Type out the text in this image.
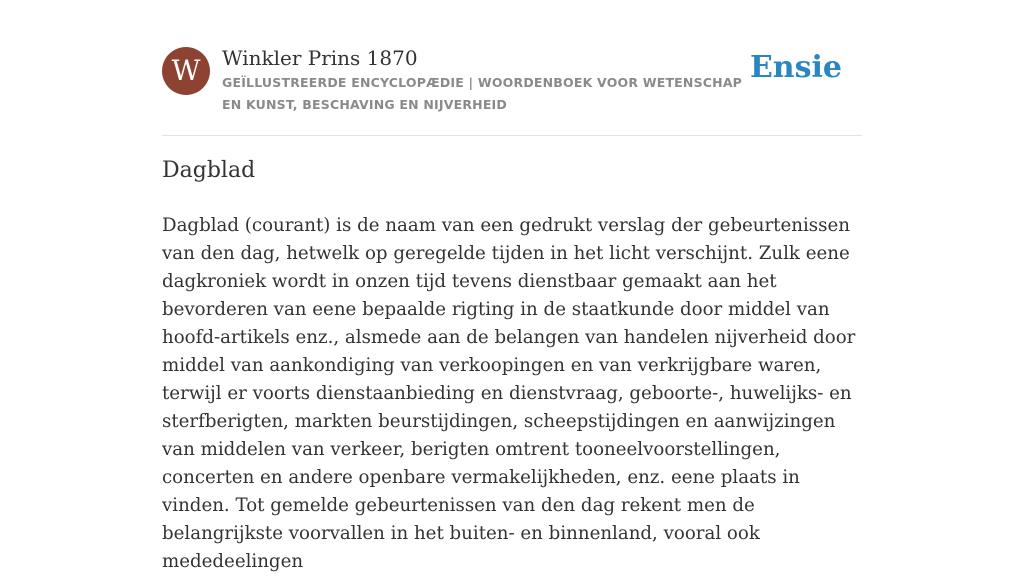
W	Winkler Prins 1870
GEÏLLUSTREERDE ENCYCLOPÆDIE | WOORDENBOEK VOOR WETENSCHAP EN KUNST, BESCHAVING EN NIJVERHEID
Ensie
Dagblad

Dagblad (courant) is de naam van een gedrukt verslag der gebeurtenissen van den dag, hetwelk op geregelde tijden in het licht verschijnt. Zulk eene dagkroniek wordt in onzen tijd tevens dienstbaar gemaakt aan het bevorderen van eene bepaalde rigting in de staatkunde door middel van hoofd-artikels enz., alsmede aan de belangen van handelen nijverheid door middel van aankondiging van verkoopingen en van verkrijgbare waren, terwijl er voorts dienstaanbieding en dienstvraag, geboorte-, huwelijks- en sterfberigten, markten beurstijdingen, scheepstijdingen en aanwijzingen van middelen van verkeer, berigten omtrent tooneelvoorstellingen, concerten en andere openbare vermakelijkheden, enz. eene plaats in vinden. Tot gemelde gebeurtenissen van den dag rekent men de belangrijkste voorvallen in het buiten- en binnenland, vooral ook mededeelingen
